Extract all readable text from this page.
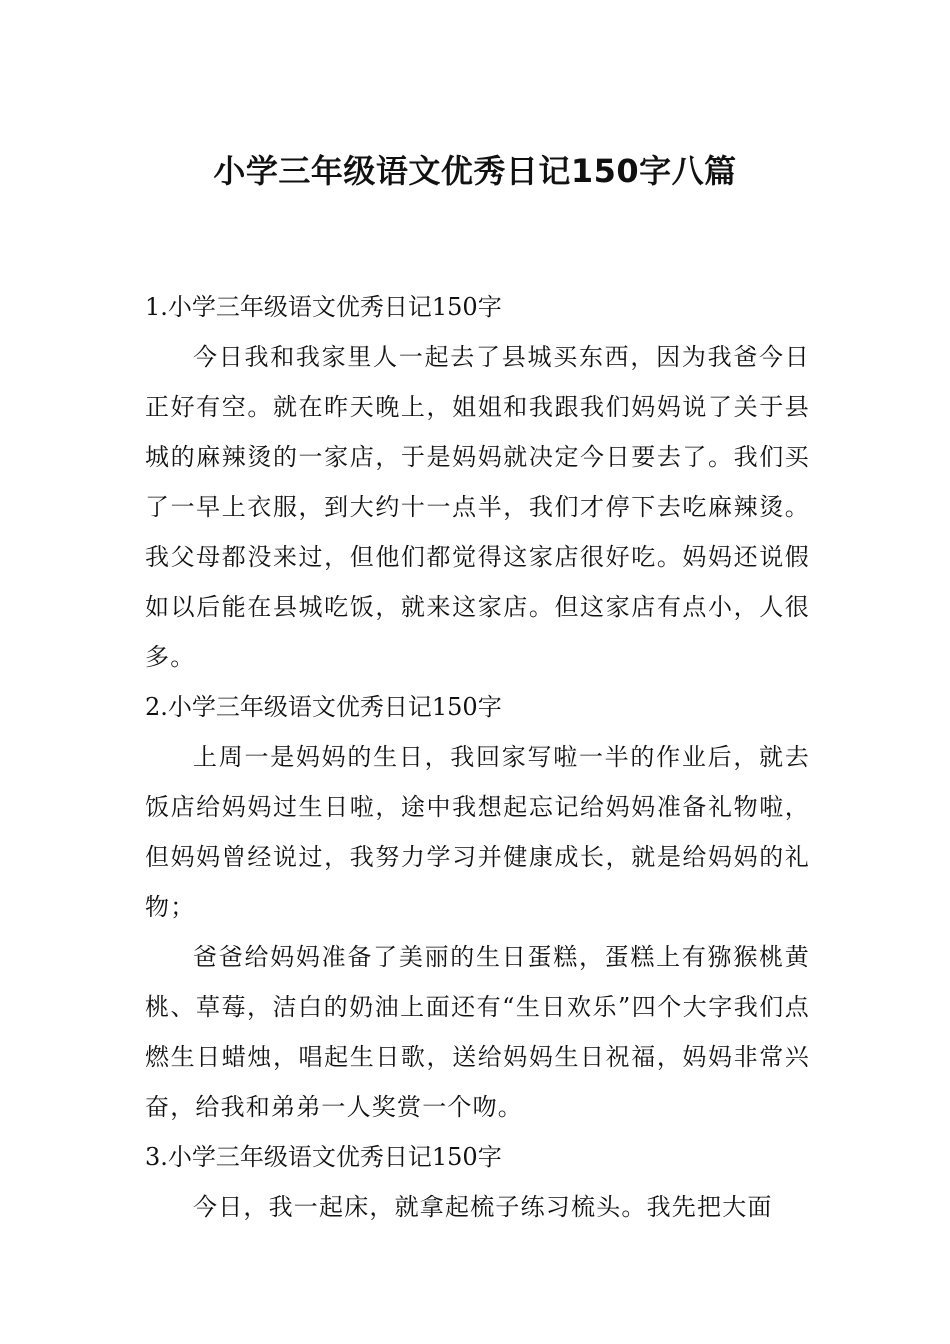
小学三年级语文优秀日记150字八篇
1.小学三年级语文优秀日记150字

今日我和我家里人一起去了县城买东西，因为我爸今日正好有空。就在昨天晚上，姐姐和我跟我们妈妈说了关于县城的麻辣烫的一家店，于是妈妈就决定今日要去了。我们买了一早上衣服，到大约十一点半，我们才停下去吃麻辣烫。我父母都没来过，但他们都觉得这家店很好吃。妈妈还说假如以后能在县城吃饭，就来这家店。但这家店有点小，人很多。

2.小学三年级语文优秀日记150字

上周一是妈妈的生日，我回家写啦一半的作业后，就去饭店给妈妈过生日啦，途中我想起忘记给妈妈准备礼物啦，但妈妈曾经说过，我努力学习并健康成长，就是给妈妈的礼物；

爸爸给妈妈准备了美丽的生日蛋糕，蛋糕上有猕猴桃黄桃、草莓，洁白的奶油上面还有“生日欢乐”四个大字我们点燃生日蜡烛，唱起生日歌，送给妈妈生日祝福，妈妈非常兴奋，给我和弟弟一人奖赏一个吻。

3.小学三年级语文优秀日记150字

今日，我一起床，就拿起梳子练习梳头。我先把大面
